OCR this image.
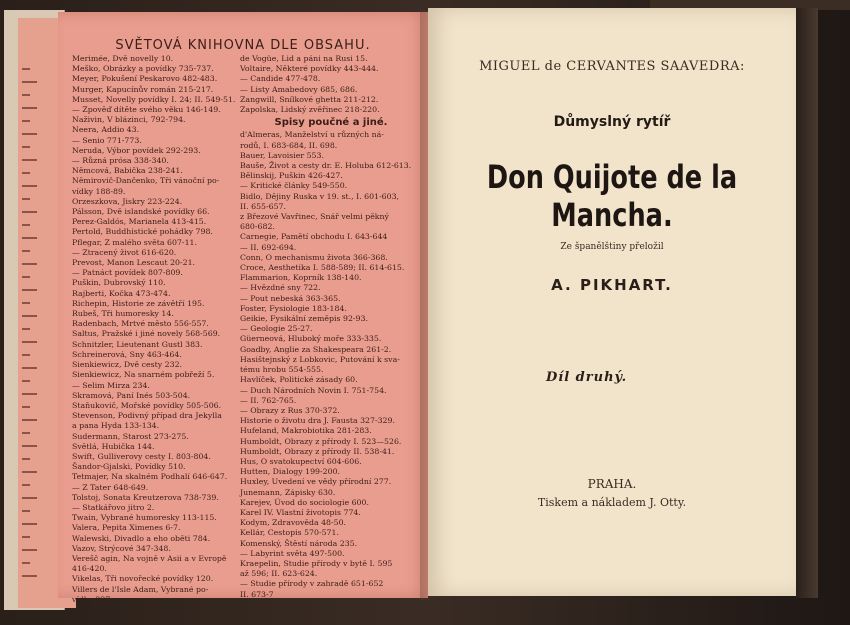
SVĚTOVÁ KNIHOVNA DLE OBSAHU.
Merimée, Dvě novelly 10.
Meško, Obrázky a povídky 735-737.
Meyer, Pokušení Peskarovo 482-483.
Murger, Kapucínův román 215-217.
Musset, Novelly povídky I. 24; II. 549-51.
— Zpověď dítěte svého věku 146-149.
Naživin, V blázinci, 792-794.
Neera, Addio 43.
— Senio 771-773.
Neruda, Výbor povídek 292-293.
— Různá prósa 338-340.
Němcová, Babička 238-241.
Němirovič-Dančenko, Tři vánoční po-
vídky 188-89.
Orzeszkova, Jiskry 223-224.
Pálsson, Dvě islandské povídky 66.
Perez-Galdós, Marianela 413-415.
Pertold, Buddhistické pohádky 798.
Pflegar, Z malého světa 607-11.
— Ztracený život 616-620.
Prevost, Manon Lescaut 20-21.
— Patnáct povídek 807-809.
Puškin, Dubrovský 110.
Rajberti, Kočka 473-474.
Richepin, Historie ze závětří 195.
Rubeš, Tři humoresky 14.
Radenbach, Mrtvé město 556-557.
Saltus, Pražské i jiné novely 568-569.
Schnitzler, Lieutenant Gustl 383.
Schreinerová, Sny 463-464.
Sienkiewicz, Dvě cesty 232.
Sienkiewicz, Na snarném pobřeží 5.
— Selim Mirza 234.
Skramová, Paní Inés 503-504.
Staňukovič, Mořské povídky 505-506.
Stevenson, Podivný případ dra Jekylla
a pana Hyda 133-134.
Sudermann, Starost 273-275.
Světlá, Hubička 144.
Swift, Gulliverovy cesty I. 803-804.
Šandor-Gjalski, Povídky 510.
Tetmajer, Na skalném Podhalí 646-647.
— Z Tater 648-649.
Tolstoj, Sonata Kreutzerova 738-739.
— Statkářovo jitro 2.
Twain, Vybrané humoresky 113-115.
Valera, Pepita Ximenes 6-7.
Walewski, Divadlo a eho oběti 784.
Vazov, Strýcové 347-348.
Verešč agin, Na vojně v Asii a v Evropě
416-420.
Vikelas, Tři novořecké povídky 120.
Villers de l'Isle Adam, Vybrané po-
vídky 227.
de Vogüe, Lid a páni na Rusi 15.
Voltaire, Některé povídky 443-444.
— Candide 477-478.
— Listy Amabedovy 685, 686.
Zangwill, Snílkové ghetta 211-212.
Zapolska, Lidský zvěřinec 218-220.
Spisy poučné a jiné.
d'Almeras, Manželství u různých ná-
rodů, I. 683-684, II. 698.
Bauer, Lavoisier 553.
Bauše, Život a cesty dr. E. Holuba 612-613.
Bělinskij, Puškin 426-427.
— Kritické články 549-550.
Bidlo, Dějiny Ruska v 19. st., I. 601-603,
II. 655-657.
z Březové Vavřinec, Snář velmi pěkný
680-682.
Carnegie, Pamětí obchodu I. 643-644
— II. 692-694.
Conn, O mechanismu života 366-368.
Croce, Aesthetika I. 588-589; II. 614-615.
Flammarion, Koprník 138-140.
— Hvězdné sny 722.
— Pout nebeská 363-365.
Foster, Fysiologie 183-184.
Geikie, Fysikální zeměpis 92-93.
— Geologie 25-27.
Güerneová, Hluboký moře 333-335.
Goadby, Anglie za Shakespeara 261-2.
Hasištejnský z Lobkovic, Putování k sva-
tému hrobu 554-555.
Havlíček, Politické zásady 60.
— Duch Národních Novin I. 751-754.
— II. 762-765.
— Obrazy z Rus 370-372.
Historie o životu dra J. Fausta 327-329.
Hufeland, Makrobiotika 281-283.
Humboldt, Obrazy z přírody I. 523—526.
Humboldt, Obrazy z přírody II. 538-41.
Hus, O svatokupectví 604-606.
Hutten, Dialogy 199-200.
Huxley, Uvedení ve vědy přírodní 277.
Junemann, Zápisky 630.
Karejev, Úvod do sociologie 600.
Karel IV. Vlastní životopis 774.
Kodym, Zdravověda 48-50.
Kellár, Cestopis 570-571.
Komenský, Štěstí národa 235.
— Labyrint světa 497-500.
Kraepelin, Studie přírody v bytě I. 595
až 596; II. 623-624.
— Studie přírody v zahradě 651-652
II. 673-7
MIGUEL de CERVANTES SAAVEDRA:
Důmyslný rytíř
Don Quijote de la Mancha.
Ze španělštiny přeložil
A. PIKHART.
Díl druhý.
PRAHA.
Tiskem a nákladem J. Otty.
